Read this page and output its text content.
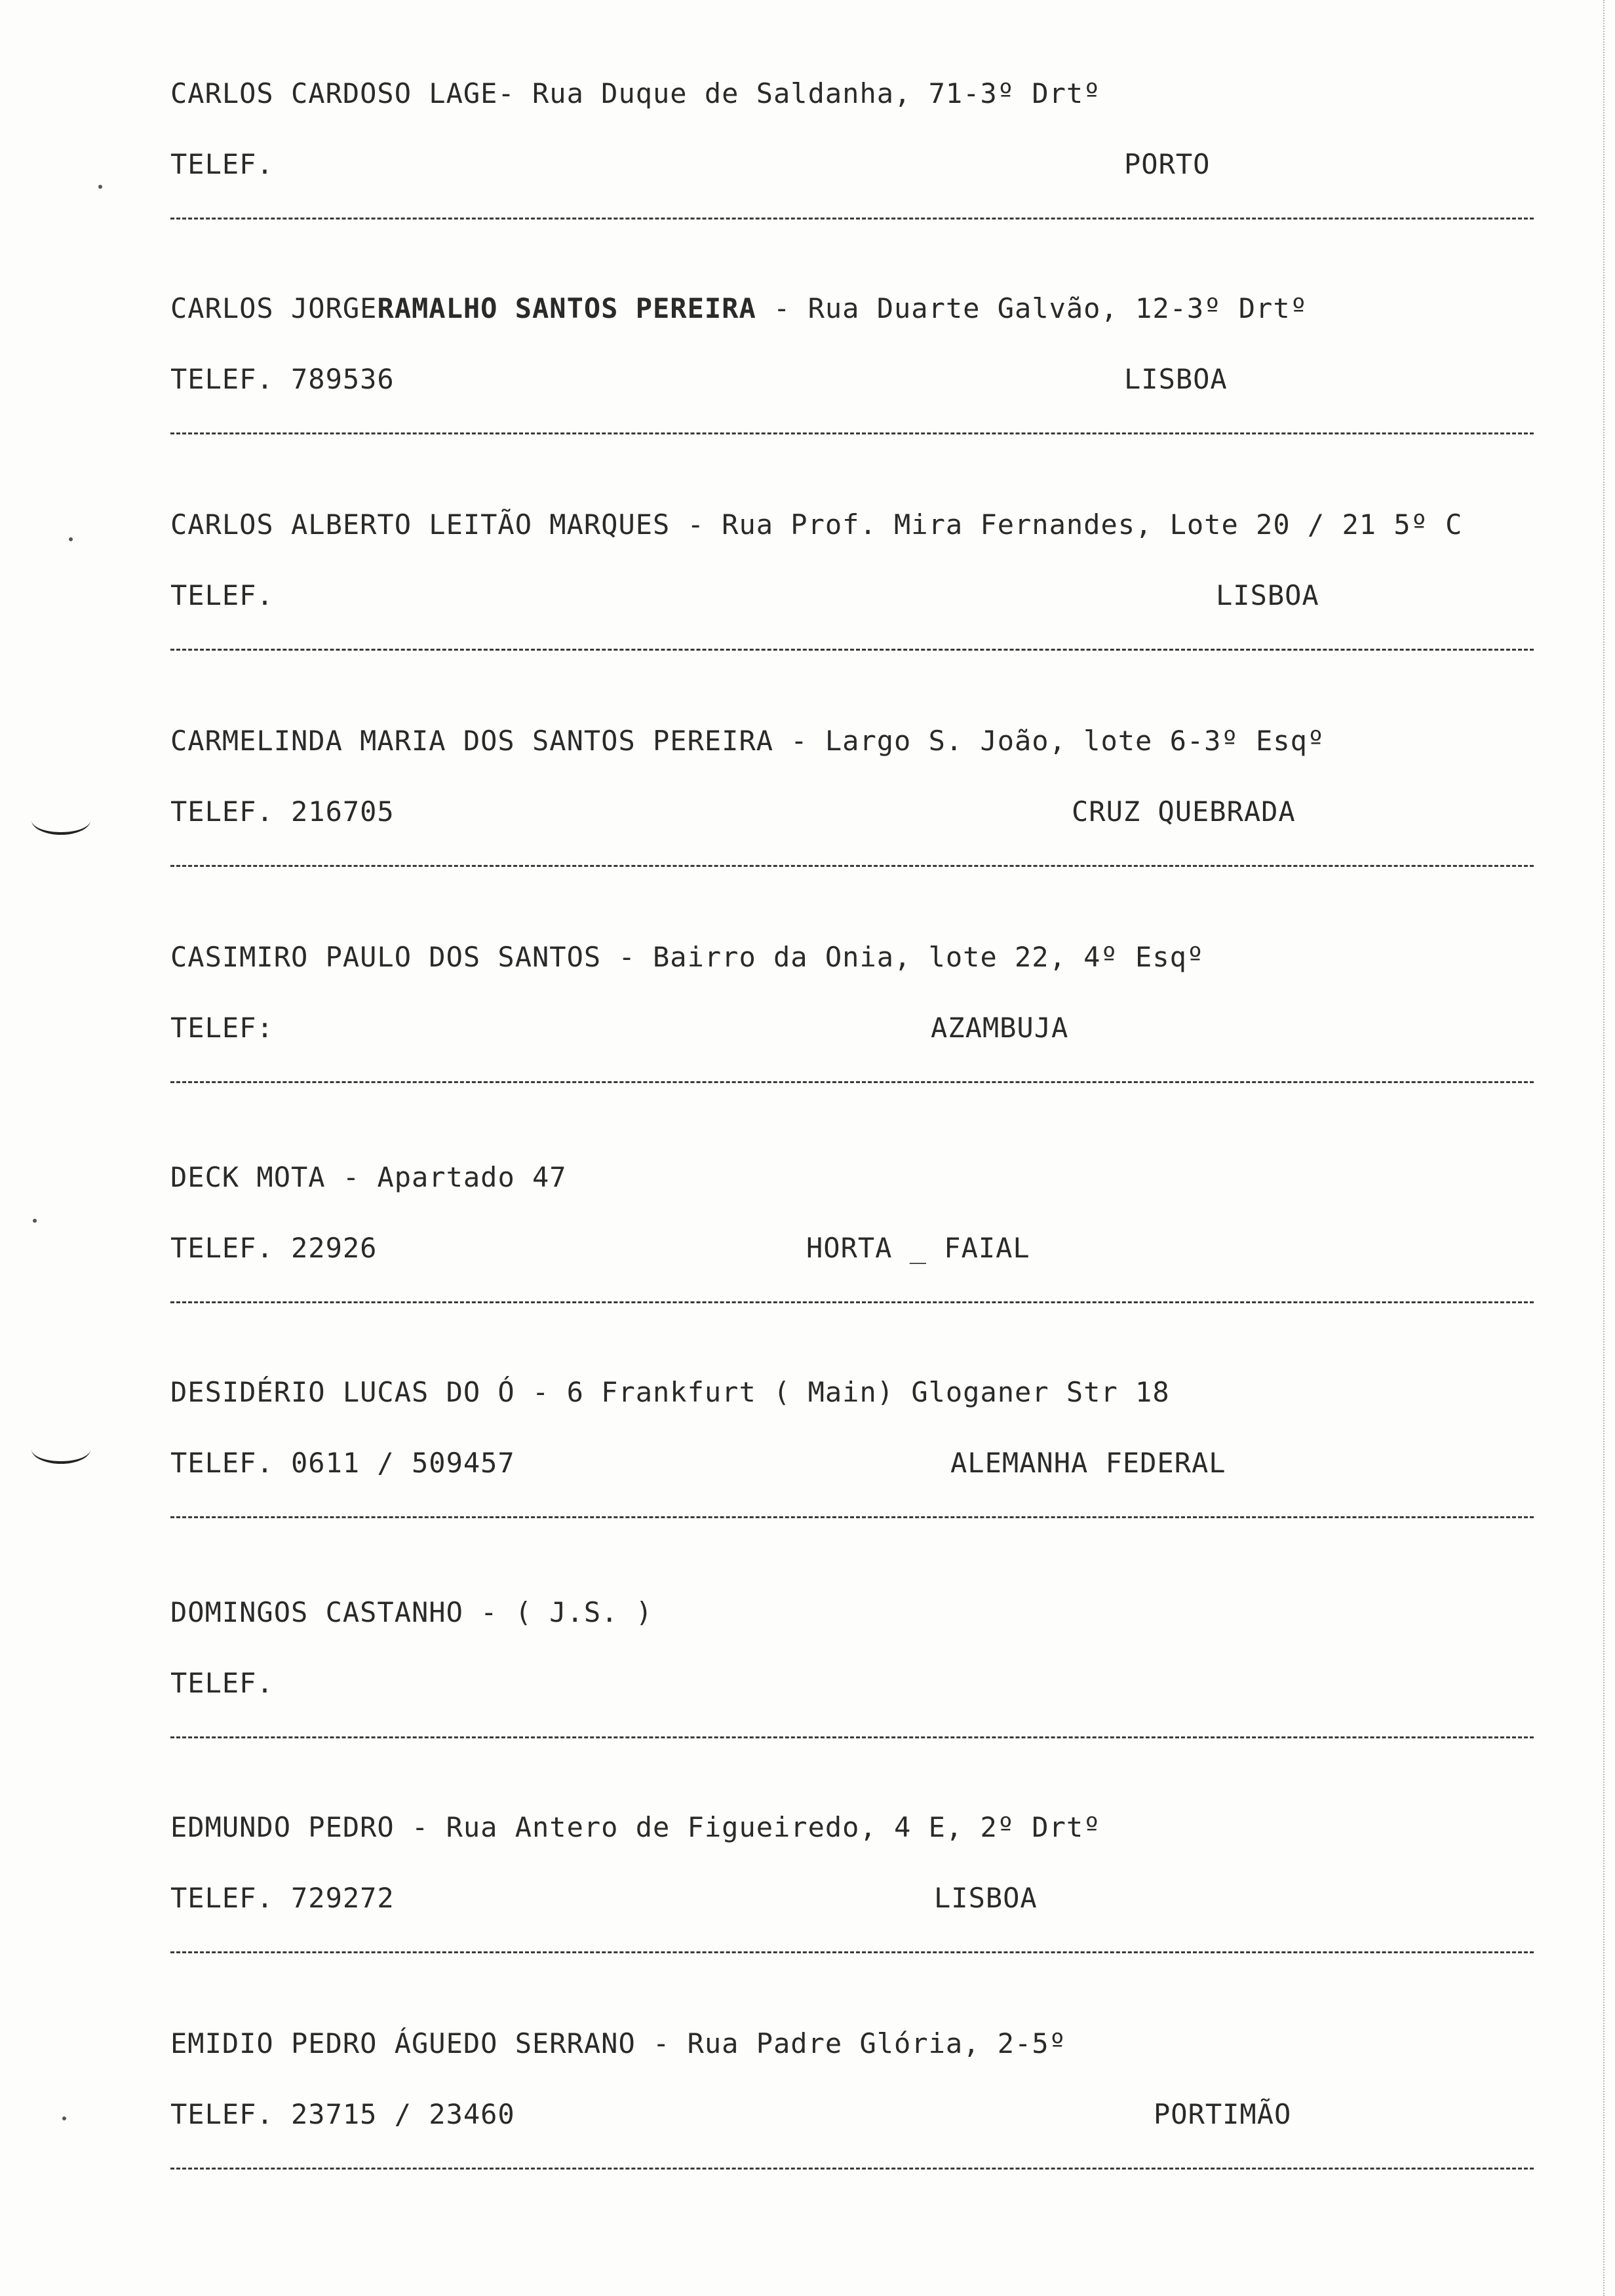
CARLOS CARDOSO LAGE- Rua Duque de Saldanha, 71-3º Drtº
TELEF.	PORTO
CARLOS JORGERAMALHO SANTOS PEREIRA - Rua Duarte Galvão, 12-3º Drtº
TELEF. 789536	LISBOA
CARLOS ALBERTO LEITÃO MARQUES - Rua Prof. Mira Fernandes, Lote 20 / 21 5º C
TELEF.	LISBOA
CARMELINDA MARIA DOS SANTOS PEREIRA - Largo S. João, lote 6-3º Esqº
TELEF. 216705	CRUZ QUEBRADA
CASIMIRO PAULO DOS SANTOS - Bairro da Onia, lote 22, 4º Esqº
TELEF:	AZAMBUJA
DECK MOTA - Apartado 47
TELEF. 22926	HORTA _ FAIAL
DESIDÉRIO LUCAS DO Ó - 6 Frankfurt ( Main) Gloganer Str 18
TELEF. 0611 / 509457	ALEMANHA FEDERAL
DOMINGOS CASTANHO - ( J.S. )
TELEF.
EDMUNDO PEDRO - Rua Antero de Figueiredo, 4 E, 2º Drtº
TELEF. 729272	LISBOA
EMIDIO PEDRO ÁGUEDO SERRANO - Rua Padre Glória, 2-5º
TELEF. 23715 / 23460	PORTIMÃO
